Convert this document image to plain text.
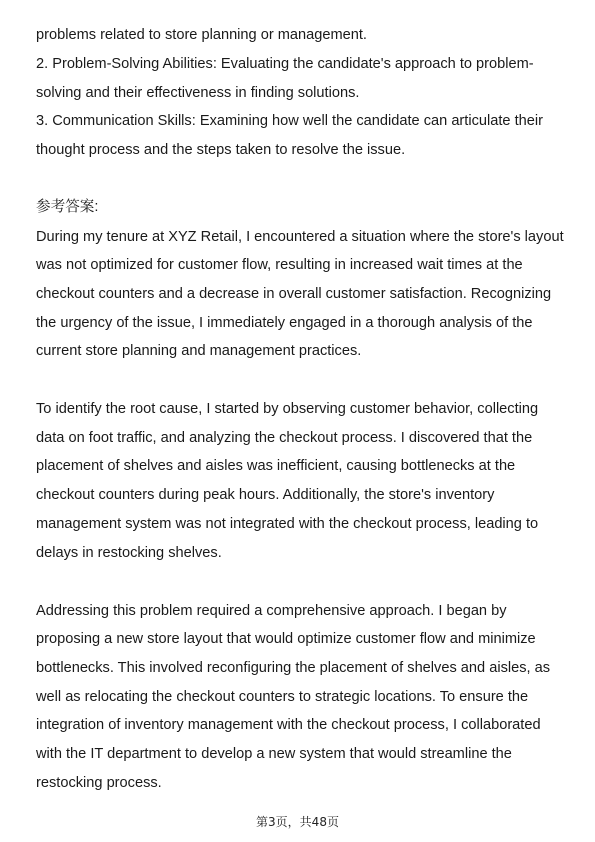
problems related to store planning or management.
2. Problem-Solving Abilities: Evaluating the candidate's approach to problem-
solving and their effectiveness in finding solutions.
3. Communication Skills: Examining how well the candidate can articulate their
thought process and the steps taken to resolve the issue.
参考答案:
During my tenure at XYZ Retail, I encountered a situation where the store's layout
was not optimized for customer flow, resulting in increased wait times at the
checkout counters and a decrease in overall customer satisfaction. Recognizing
the urgency of the issue, I immediately engaged in a thorough analysis of the
current store planning and management practices.
To identify the root cause, I started by observing customer behavior, collecting
data on foot traffic, and analyzing the checkout process. I discovered that the
placement of shelves and aisles was inefficient, causing bottlenecks at the
checkout counters during peak hours. Additionally, the store's inventory
management system was not integrated with the checkout process, leading to
delays in restocking shelves.
Addressing this problem required a comprehensive approach. I began by
proposing a new store layout that would optimize customer flow and minimize
bottlenecks. This involved reconfiguring the placement of shelves and aisles, as
well as relocating the checkout counters to strategic locations. To ensure the
integration of inventory management with the checkout process, I collaborated
with the IT department to develop a new system that would streamline the
restocking process.
第3页，共48页
